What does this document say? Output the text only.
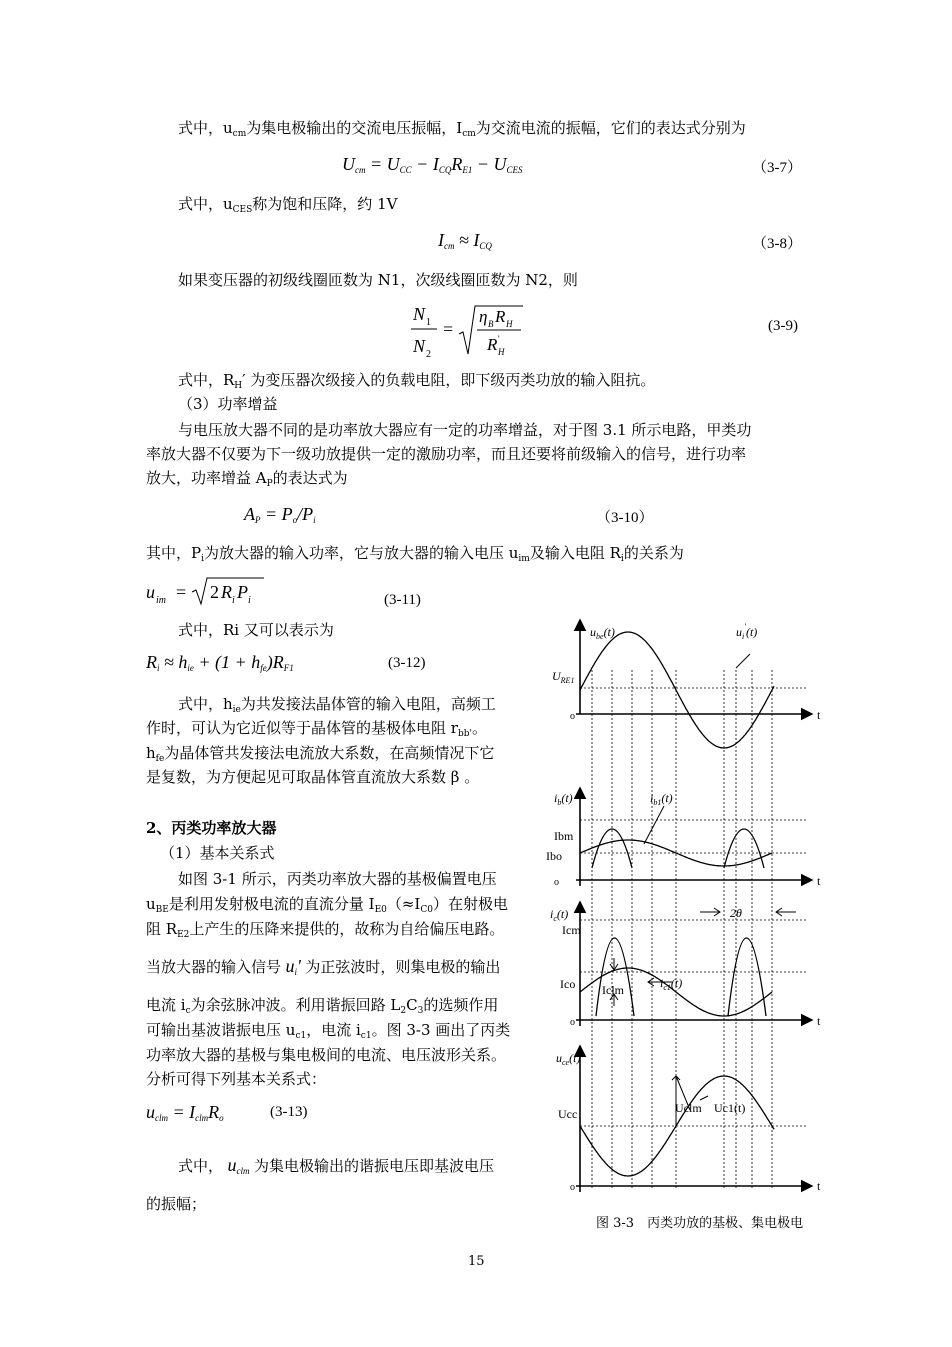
式中，$u_{cm}$为集电极输出的交流电压振幅，$I_{cm}$为交流电流的振幅，它们的表达式分别为
$U_{cm} = U_{CC} - I_{CQ}R_{E1} - U_{CES}$	（3-7）
式中，$u_{CES}$称为饱和压降，约 1V
$I_{cm} \approx I_{CQ}$	（3-8）
如果变压器的初级线圈匝数为 N1，次级线圈匝数为 N2，则
N 1
N 2
=
η B R H
R '
H
(3-9)
式中，$R_H'$ 为变压器次级接入的负载电阻，即下级丙类功放的输入阻抗。
（3）功率增益
与电压放大器不同的是功率放大器应有一定的功率增益，对于图 3.1 所示电路，甲类功
率放大器不仅要为下一级功放提供一定的激励功率，而且还要将前级输入的信号，进行功率
放大，功率增益 $A_P$的表达式为
$A_P = P_o/P_i$	（3-10）
其中，$P_i$为放大器的输入功率，它与放大器的输入电压 $u_{im}$及输入电阻 $R_i$的关系为
u im = 2 R i P i	(3-11)
式中，Ri 又可以表示为
$R_i \approx h_{ie} + (1 + h_{fe})R_{F1}$	(3-12)
式中，$h_{ie}$为共发接法晶体管的输入电阻，高频工
作时，可认为它近似等于晶体管的基极体电阻 $r_{bb'}$。
$h_{fe}$为晶体管共发接法电流放大系数，在高频情况下它
是复数，为方便起见可取晶体管直流放大系数 β 。
2、丙类功率放大器
（1）基本关系式
如图 3-1 所示，丙类功率放大器的基极偏置电压
$u_{BE}$是利用发射极电流的直流分量 $I_{E0}(\approx I_{C0})$在射极电
阻 $R_{E2}$上产生的压降来提供的，故称为自给偏压电路。
当放大器的输入信号 $u_i'$ 为正弦波时，则集电极的输出
电流 $i_c$为余弦脉冲波。利用谐振回路 $L_2C_3$的选频作用
可输出基波谐振电压 $u_{c1}$，电流 $i_{c1}$。图 3-3 画出了丙类
功率放大器的基极与集电极间的电流、电压波形关系。
分析可得下列基本关系式：
$u_{clm} = I_{clm}R_o$	(3-13)
式中， $u_{clm}$ 为集电极输出的谐振电压即基波电压
的振幅；
$u_{be}(t)$	$u_i'(t)$
$U_{RE1}$
t
o
$i_b(t)$	$i_{b1}(t)$
Ibm
Ibo
t
o
$i_c(t)$
Icm
2θ
Ico Iclm	$i_{c1}(t)$
t
o
$u_{ce}(t)$
Ucc	Uclm Uc1(t)
t
o
图 3-3　丙类功放的基极、集电极电
15
